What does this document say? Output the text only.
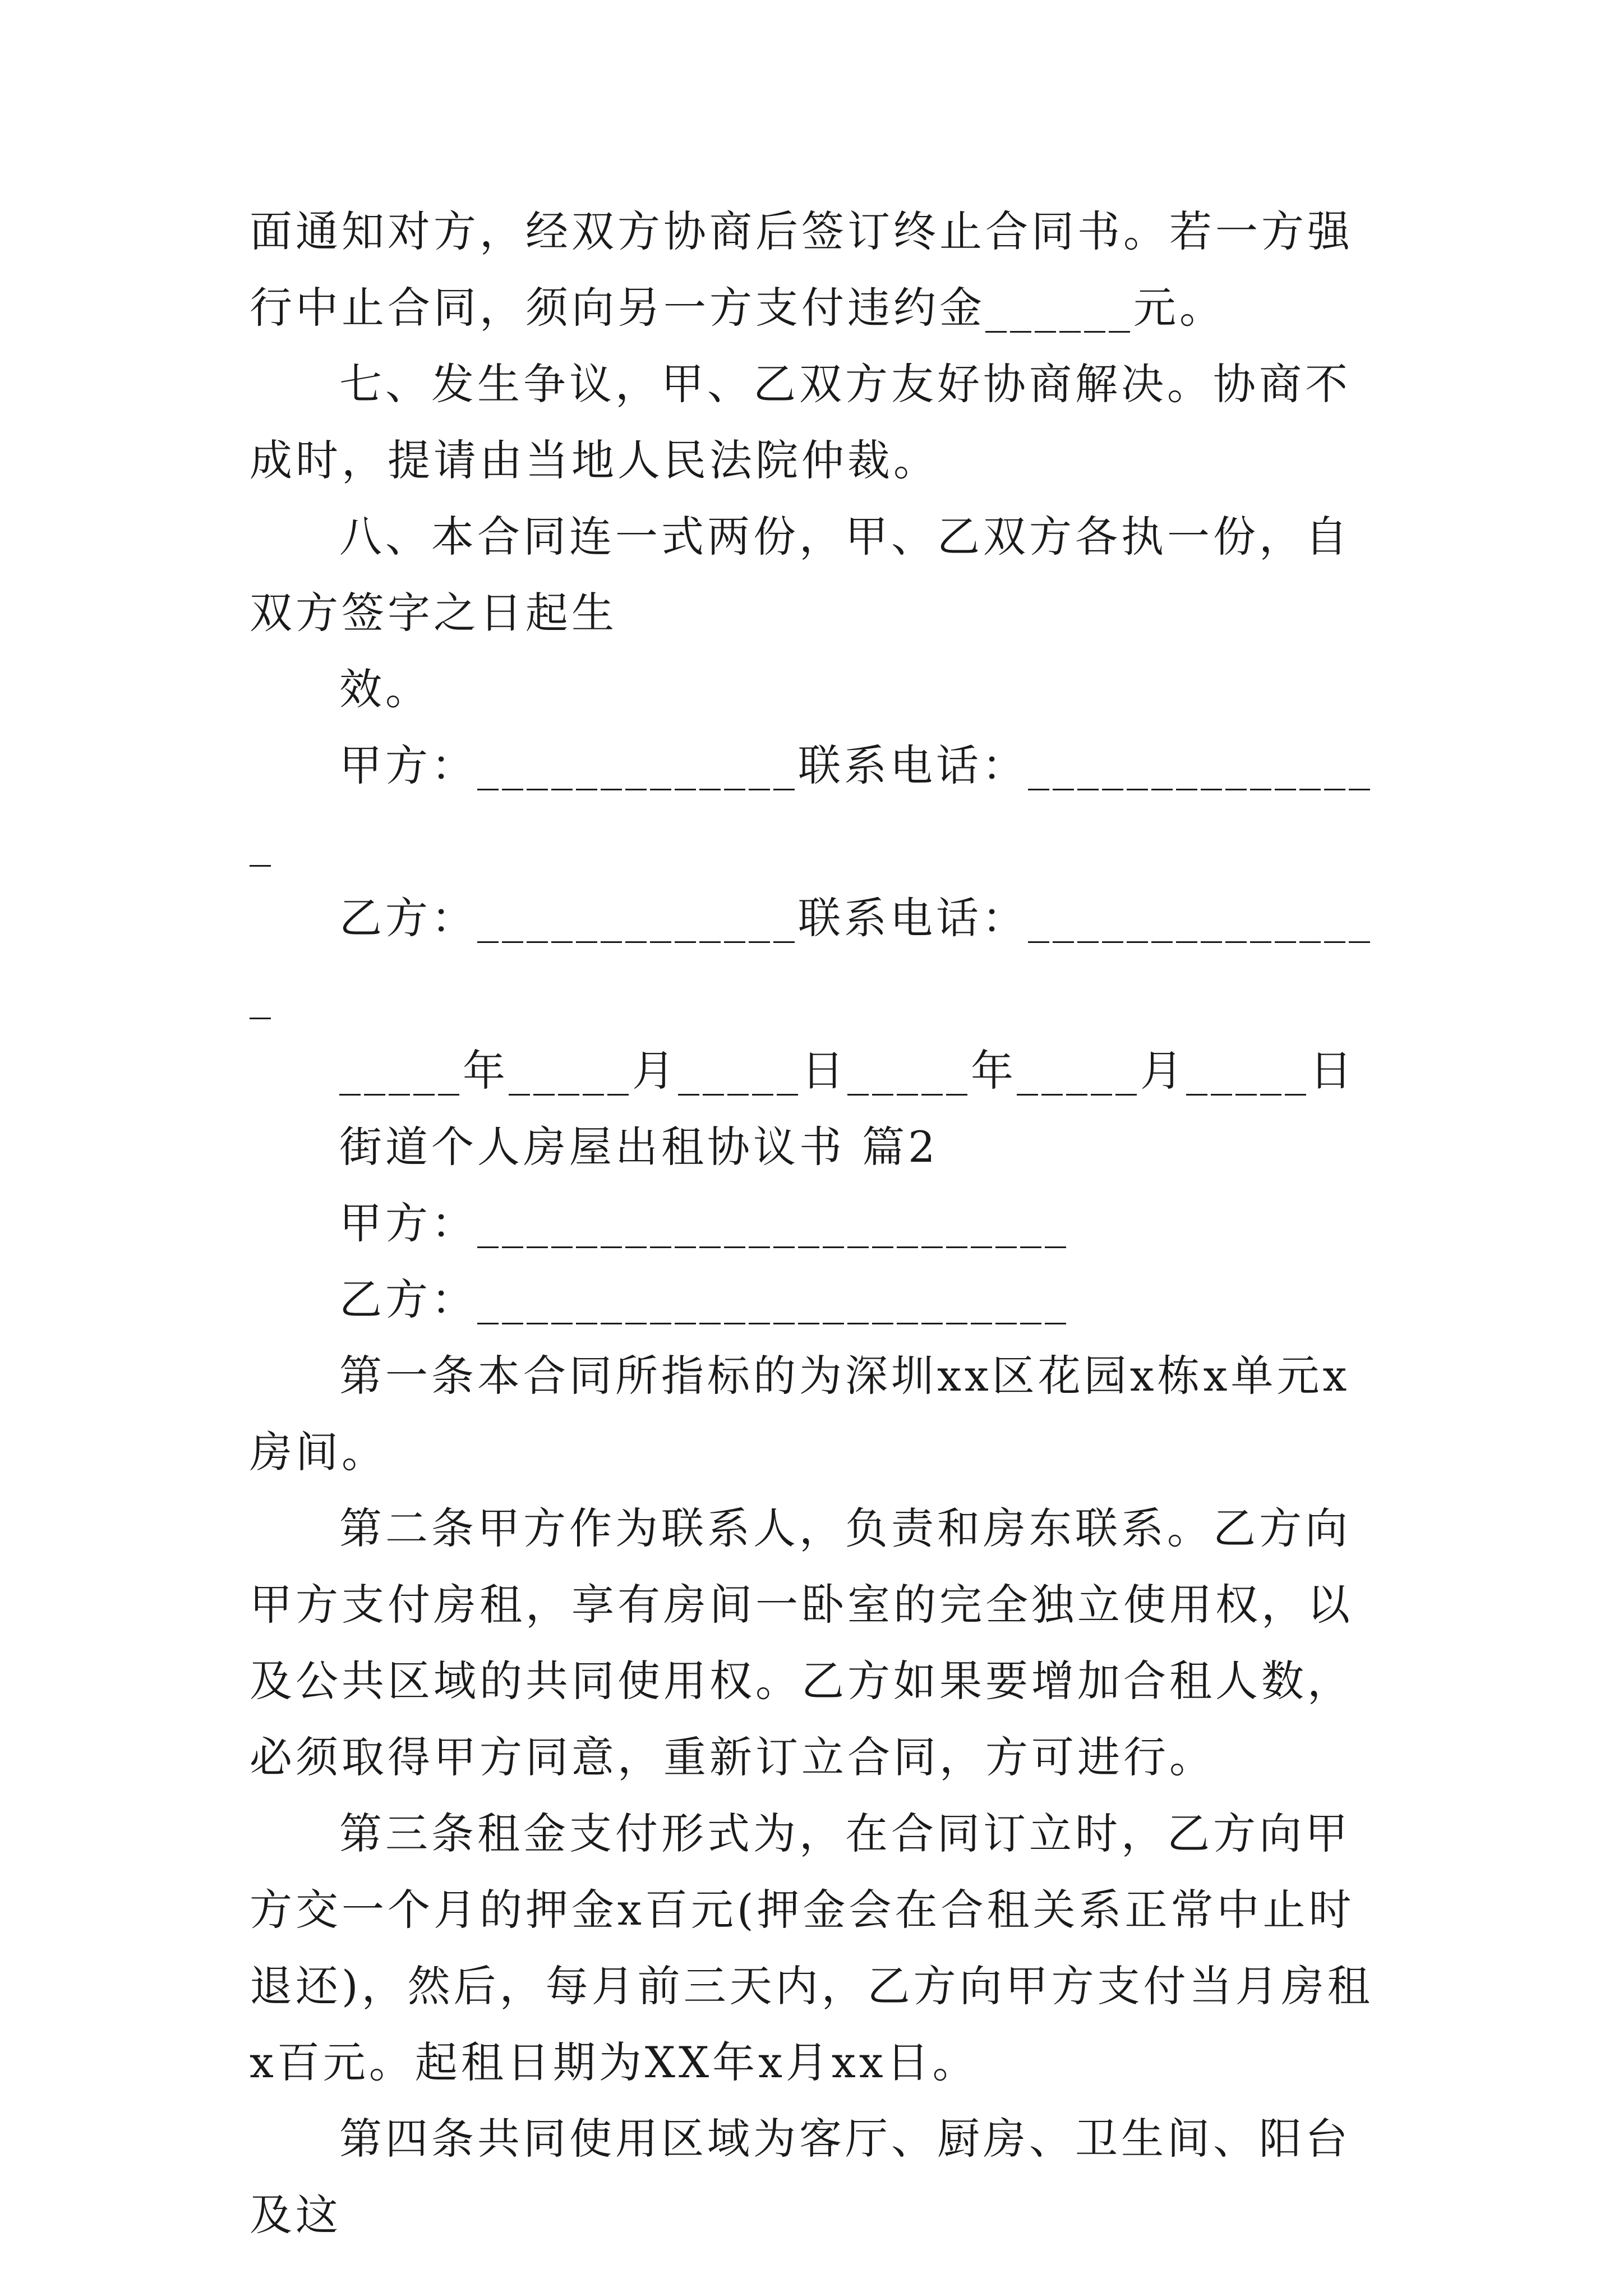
面通知对方，经双方协商后签订终止合同书。若一方强行中止合同，须向另一方支付违约金______元。

七、发生争议，甲、乙双方友好协商解决。协商不成时，提请由当地人民法院仲裁。

八、本合同连一式两份，甲、乙双方各执一份，自双方签字之日起生

效。

甲方：_____________联系电话：_______________

乙方：_____________联系电话：_______________

_____年_____月_____日_____年_____月_____日

街道个人房屋出租协议书 篇2

甲方：________________________

乙方：________________________

第一条本合同所指标的为深圳xx区花园x栋x单元x房间。

第二条甲方作为联系人，负责和房东联系。乙方向甲方支付房租，享有房间一卧室的完全独立使用权，以及公共区域的共同使用权。乙方如果要增加合租人数，必须取得甲方同意，重新订立合同，方可进行。

第三条租金支付形式为，在合同订立时，乙方向甲方交一个月的押金x百元(押金会在合租关系正常中止时退还)，然后，每月前三天内，乙方向甲方支付当月房租x百元。起租日期为XX年x月xx日。

第四条共同使用区域为客厅、厨房、卫生间、阳台及这
